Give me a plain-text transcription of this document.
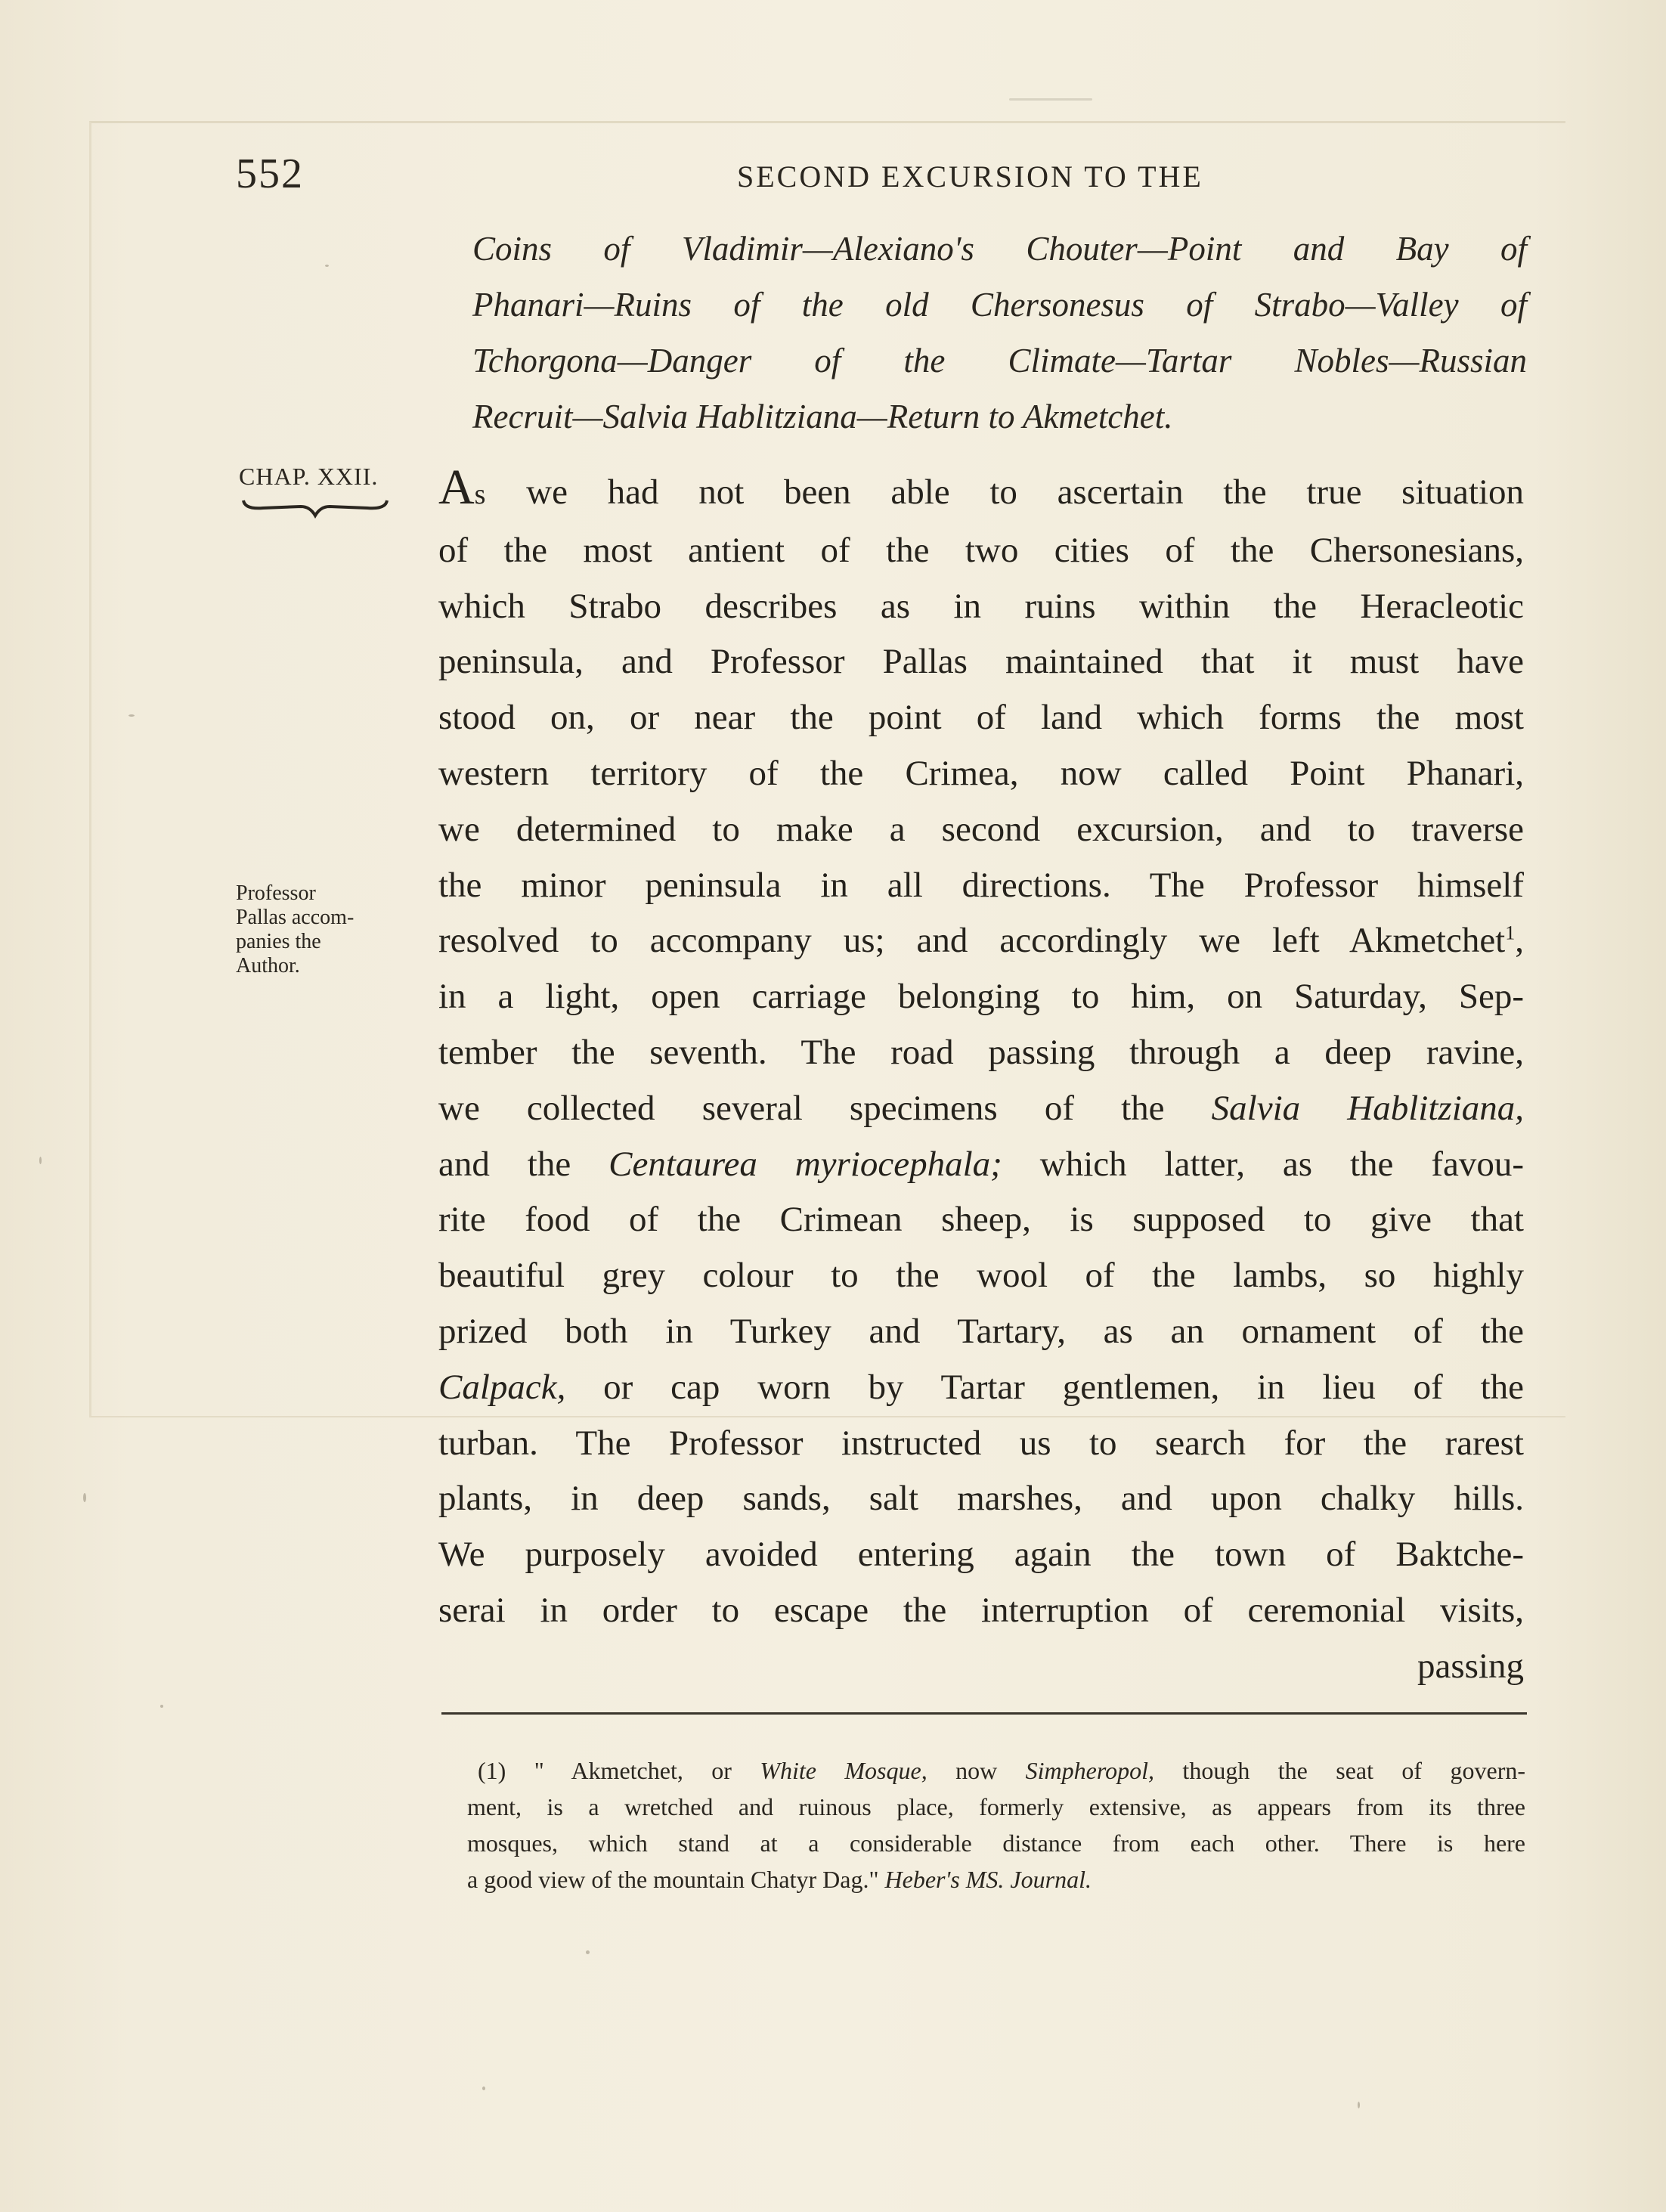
552	SECOND EXCURSION TO THE
Coins of Vladimir—Alexiano's Chouter—Point and Bay of
Phanari—Ruins of the old Chersonesus of Strabo—Valley of
Tchorgona—Danger of the Climate—Tartar Nobles—Russian
Recruit—Salvia Hablitziana—Return to Akmetchet.
CHAP. XXII.
Professor
Pallas accom-
panies the
Author.
As we had not been able to ascertain the true situation
of the most antient of the two cities of the Chersonesians,
which Strabo describes as in ruins within the Heracleotic
peninsula, and Professor Pallas maintained that it must have
stood on, or near the point of land which forms the most
western territory of the Crimea, now called Point Phanari,
we determined to make a second excursion, and to traverse
the minor peninsula in all directions. The Professor himself
resolved to accompany us; and accordingly we left Akmetchet$^1$,
in a light, open carriage belonging to him, on Saturday, Sep-
tember the seventh. The road passing through a deep ravine,
we collected several specimens of the Salvia Hablitziana,
and the Centaurea myriocephala; which latter, as the favou-
rite food of the Crimean sheep, is supposed to give that
beautiful grey colour to the wool of the lambs, so highly
prized both in Turkey and Tartary, as an ornament of the
Calpack, or cap worn by Tartar gentlemen, in lieu of the
turban. The Professor instructed us to search for the rarest
plants, in deep sands, salt marshes, and upon chalky hills.
We purposely avoided entering again the town of Baktche-
serai in order to escape the interruption of ceremonial visits,
passing
(1) " Akmetchet, or White Mosque, now Simpheropol, though the seat of govern-
ment, is a wretched and ruinous place, formerly extensive, as appears from its three
mosques, which stand at a considerable distance from each other. There is here
a good view of the mountain Chatyr Dag." Heber's MS. Journal.
